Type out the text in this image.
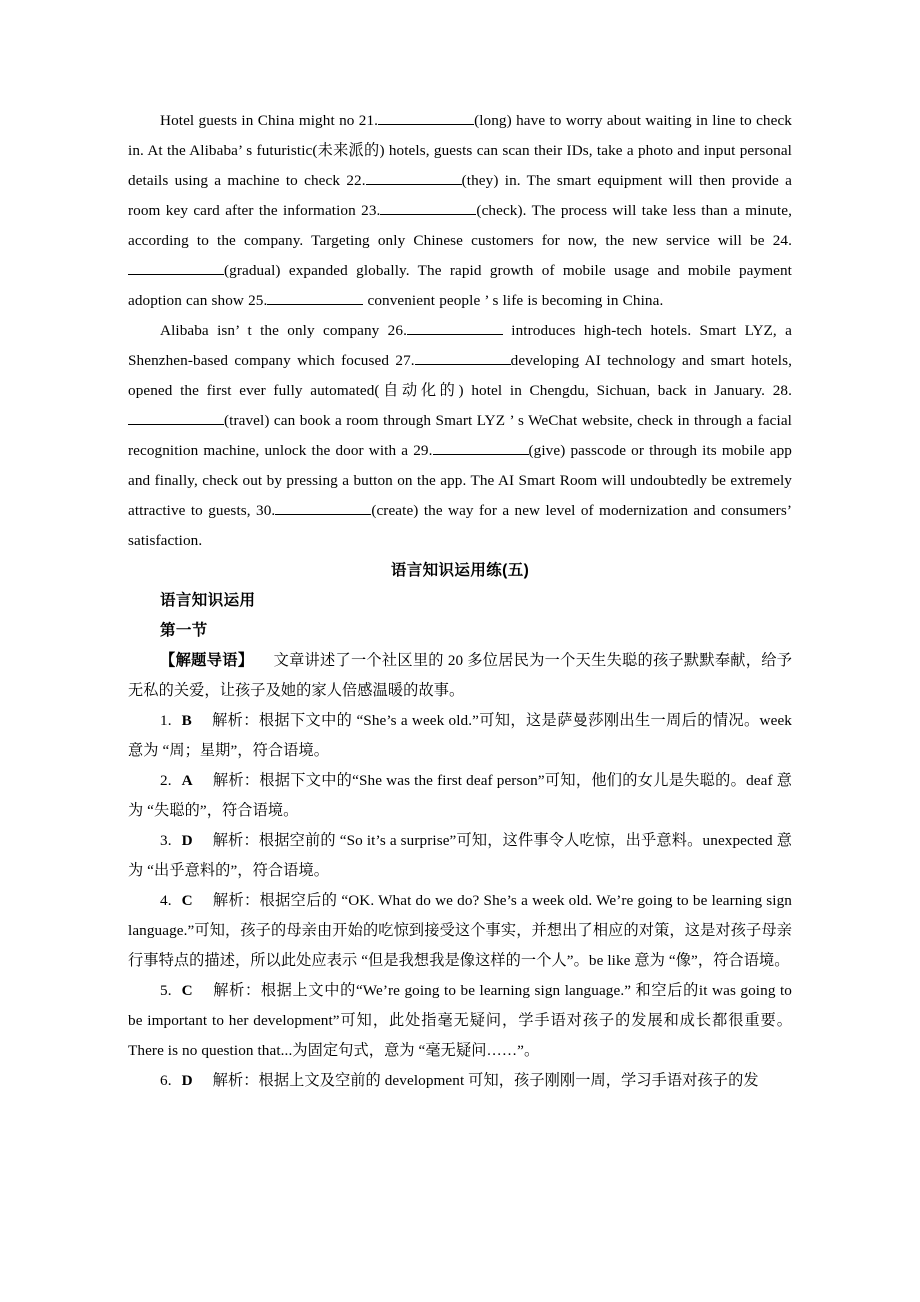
Hotel guests in China might no 21.	(long) have to worry about waiting in line to check in. At the Alibaba’ s futuristic(未来派的) hotels, guests can scan their IDs, take a photo and input personal details using a machine to check 22.	(they) in. The smart equipment will then provide a room key card after the information 23.	(check). The process will take less than a minute, according to the company. Targeting only Chinese customers for now, the new service will be 24.(gradual) expanded globally. The rapid growth of mobile usage and mobile payment adoption can show 25.	convenient people ’ s life is becoming in China.

Alibaba isn’ t the only company 26.	introduces high-tech hotels. Smart LYZ, a Shenzhen‐based company which focused 27.	developing AI technology and smart hotels, opened the first ever fully automated(自动化的) hotel in Chengdu, Sichuan, back in January. 28.(travel) can book a room through Smart LYZ ’ s WeChat website, check in through a facial recognition machine, unlock the door with a 29.	(give) passcode or through its mobile app and finally, check out by pressing a button on the app. The AI Smart Room will undoubtedly be extremely attractive to guests, 30.	(create) the way for a new level of modernization and consumers’ satisfaction.

语言知识运用练(五)

语言知识运用

第一节

【解题导语】 文章讲述了一个社区里的 20 多位居民为一个天生失聪的孩子默默奉献，给予无私的关爱，让孩子及她的家人倍感温暖的故事。

1. B 解析：根据下文中的 “She’s a week old.”可知，这是萨曼莎刚出生一周后的情况。week 意为 “周；星期”，符合语境。

2. A 解析：根据下文中的“She was the first deaf person”可知，他们的女儿是失聪的。deaf 意为 “失聪的”，符合语境。

3. D 解析：根据空前的 “So it’s a surprise”可知，这件事令人吃惊，出乎意料。unexpected 意为 “出乎意料的”，符合语境。

4. C 解析：根据空后的 “OK. What do we do? She’s a week old. We’re going to be learning sign language.”可知，孩子的母亲由开始的吃惊到接受这个事实，并想出了相应的对策，这是对孩子母亲行事特点的描述，所以此处应表示 “但是我想我是像这样的一个人”。be like 意为 “像”，符合语境。

5. C 解析：根据上文中的“We’re going to be learning sign language.” 和空后的it was going to be important to her development”可知，此处指毫无疑问，学手语对孩子的发展和成长都很重要。There is no question that...为固定句式，意为 “毫无疑问……”。

6. D 解析：根据上文及空前的 development 可知，孩子刚刚一周，学习手语对孩子的发
